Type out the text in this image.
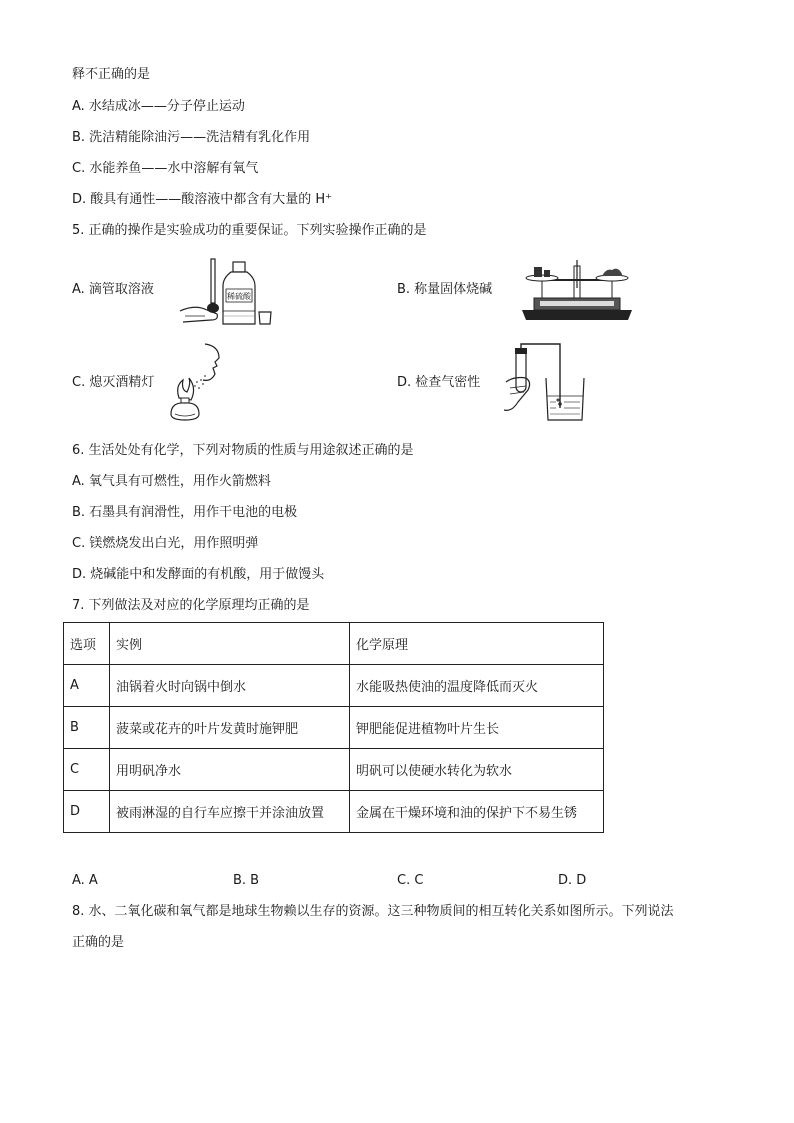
释不正确的是
A. 水结成冰——分子停止运动
B. 洗洁精能除油污——洗洁精有乳化作用
C. 水能养鱼——水中溶解有氧气
D. 酸具有通性——酸溶液中都含有大量的 H⁺
5. 正确的操作是实验成功的重要保证。下列实验操作正确的是
A. 滴管取溶液	稀硫酸	B. 称量固体烧碱
C. 熄灭酒精灯	D. 检查气密性
6. 生活处处有化学，下列对物质的性质与用途叙述正确的是
A. 氧气具有可燃性，用作火箭燃料
B. 石墨具有润滑性，用作干电池的电极
C. 镁燃烧发出白光，用作照明弹
D. 烧碱能中和发酵面的有机酸，用于做馒头
7. 下列做法及对应的化学原理均正确的是
选项	实例	化学原理
A	油锅着火时向锅中倒水	水能吸热使油的温度降低而灭火
B	菠菜或花卉的叶片发黄时施钾肥	钾肥能促进植物叶片生长
C	用明矾净水	明矾可以使硬水转化为软水
D	被雨淋湿的自行车应擦干并涂油放置	金属在干燥环境和油的保护下不易生锈
A. A	B. B	C. C	D. D
8. 水、二氧化碳和氧气都是地球生物赖以生存的资源。这三种物质间的相互转化关系如图所示。下列说法
正确的是
